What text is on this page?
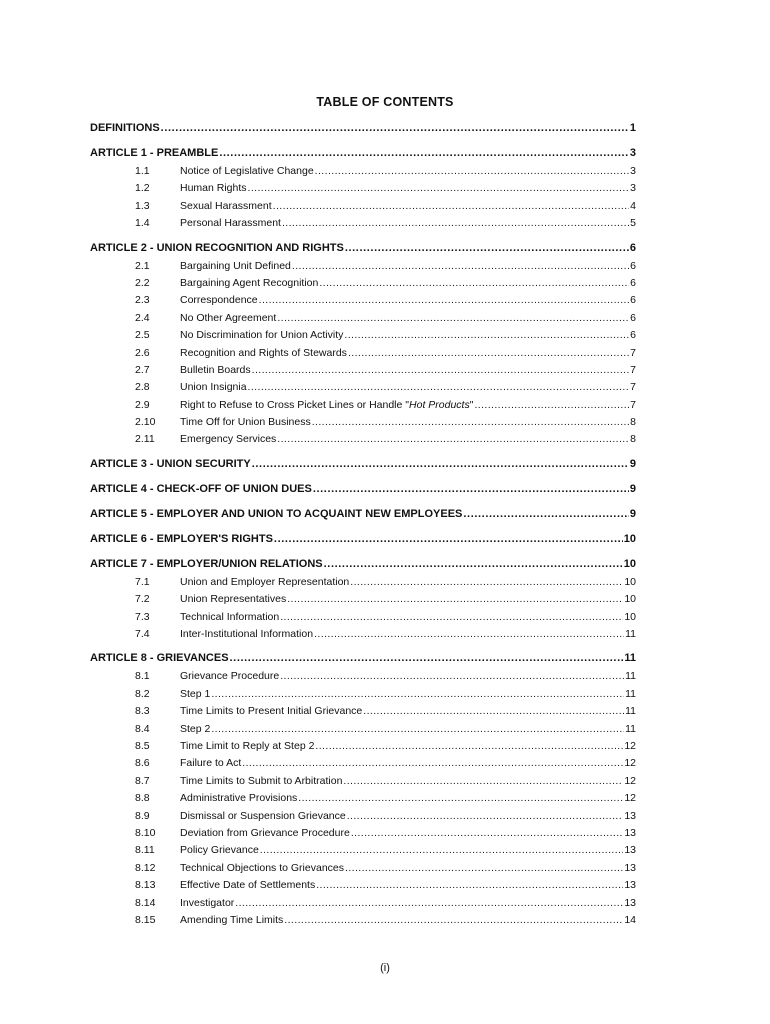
TABLE OF CONTENTS
DEFINITIONS .....	1
ARTICLE 1 - PREAMBLE .....	3
1.1	Notice of Legislative Change .....	3
1.2	Human Rights .....	3
1.3	Sexual Harassment .....	4
1.4	Personal Harassment .....	5
ARTICLE 2 - UNION RECOGNITION AND RIGHTS .....	6
2.1	Bargaining Unit Defined .....	6
2.2	Bargaining Agent Recognition .....	6
2.3	Correspondence .....	6
2.4	No Other Agreement .....	6
2.5	No Discrimination for Union Activity .....	6
2.6	Recognition and Rights of Stewards .....	7
2.7	Bulletin Boards .....	7
2.8	Union Insignia .....	7
2.9	Right to Refuse to Cross Picket Lines or Handle "Hot Products" .....	7
2.10	Time Off for Union Business .....	8
2.11	Emergency Services .....	8
ARTICLE 3 - UNION SECURITY .....	9
ARTICLE 4 - CHECK-OFF OF UNION DUES .....	9
ARTICLE 5 - EMPLOYER AND UNION TO ACQUAINT NEW EMPLOYEES .....	9
ARTICLE 6 - EMPLOYER'S RIGHTS .....	10
ARTICLE 7 - EMPLOYER/UNION RELATIONS .....	10
7.1	Union and Employer Representation .....	10
7.2	Union Representatives .....	10
7.3	Technical Information .....	10
7.4	Inter-Institutional Information .....	11
ARTICLE 8 - GRIEVANCES .....	11
8.1	Grievance Procedure .....	11
8.2	Step 1 .....	11
8.3	Time Limits to Present Initial Grievance .....	11
8.4	Step 2 .....	11
8.5	Time Limit to Reply at Step 2 .....	12
8.6	Failure to Act .....	12
8.7	Time Limits to Submit to Arbitration .....	12
8.8	Administrative Provisions .....	12
8.9	Dismissal or Suspension Grievance .....	13
8.10	Deviation from Grievance Procedure .....	13
8.11	Policy Grievance .....	13
8.12	Technical Objections to Grievances .....	13
8.13	Effective Date of Settlements .....	13
8.14	Investigator .....	13
8.15	Amending Time Limits .....	14
(i)
